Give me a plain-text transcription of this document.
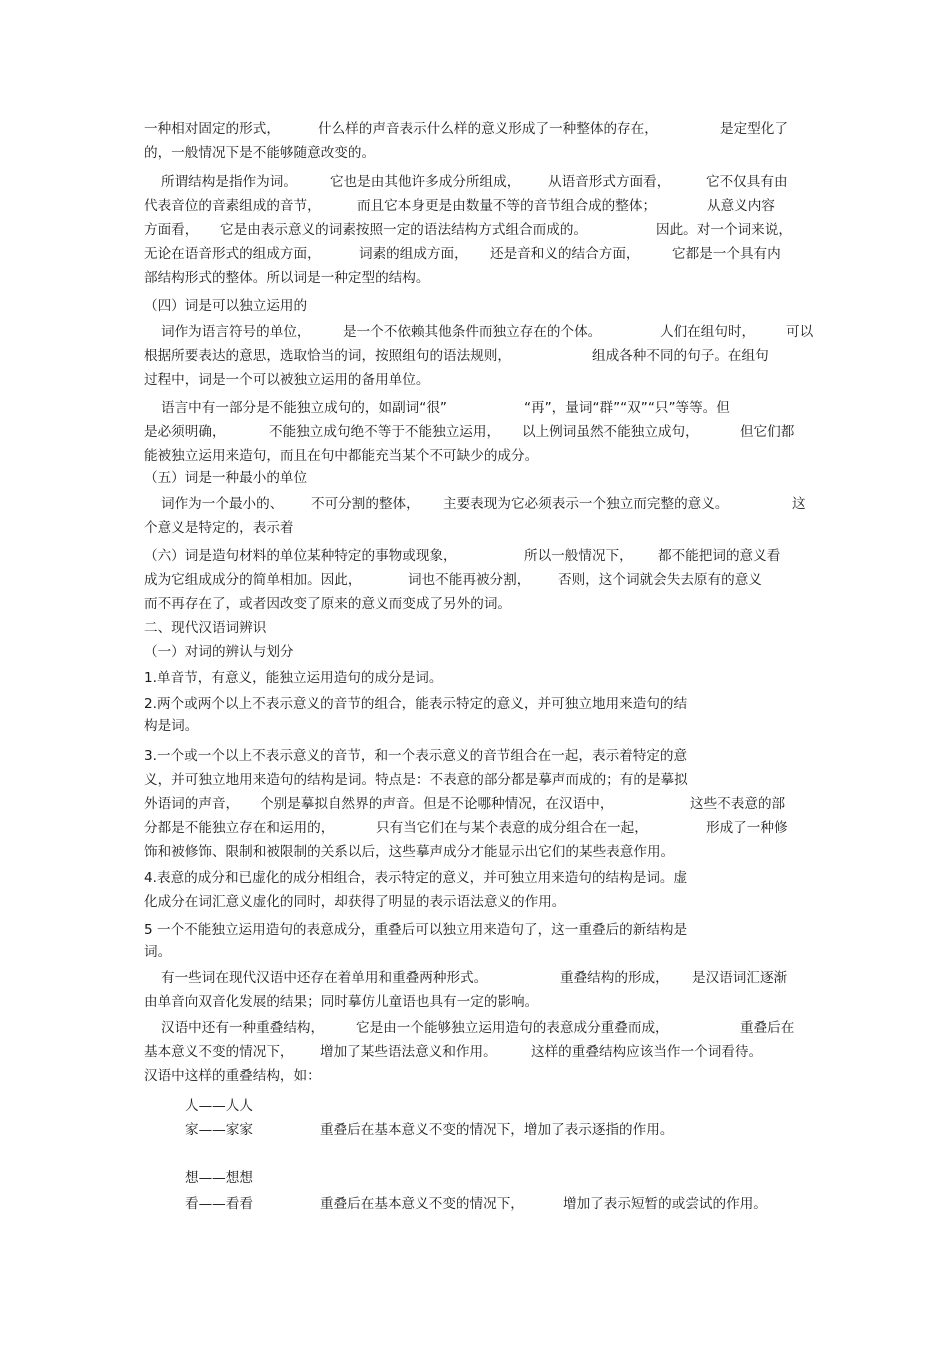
一种相对固定的形式，	什么样的声音表示什么样的意义形成了一种整体的存在，	是定型化了
的，一般情况下是不能够随意改变的。
所谓结构是指作为词。 它也是由其他许多成分所组成， 从语音形式方面看，	它不仅具有由
代表音位的音素组成的音节，	而且它本身更是由数量不等的音节组合成的整体；	从意义内容
方面看， 它是由表示意义的词素按照一定的语法结构方式组合而成的。	因此。对一个词来说，
无论在语音形式的组成方面，	词素的组成方面， 还是音和义的结合方面， 它都是一个具有内
部结构形式的整体。所以词是一种定型的结构。
（四）词是可以独立运用的
词作为语言符号的单位， 是一个不依赖其他条件而独立存在的个体。	人们在组句时， 可以
根据所要表达的意思，选取恰当的词，按照组句的语法规则，	组成各种不同的句子。在组句
过程中，词是一个可以被独立运用的备用单位。
语言中有一部分是不能独立成句的，如副词“很”	“再”，量词“群”“双”“只”等等。但
是必须明确，	不能独立成句绝不等于不能独立运用， 以上例词虽然不能独立成句，	但它们都
能被独立运用来造句，而且在句中都能充当某个不可缺少的成分。
（五）词是一种最小的单位
词作为一个最小的、 不可分割的整体， 主要表现为它必须表示一个独立而完整的意义。	这
个意义是特定的，表示着
（六）词是造句材料的单位某种特定的事物或现象，	所以一般情况下， 都不能把词的意义看
成为它组成成分的简单相加。因此，	词也不能再被分割， 否则，这个词就会失去原有的意义
而不再存在了，或者因改变了原来的意义而变成了另外的词。
二、现代汉语词辨识
（一）对词的辨认与划分
1.单音节，有意义，能独立运用造句的成分是词。
2.两个或两个以上不表示意义的音节的组合，能表示特定的意义，并可独立地用来造句的结
构是词。
3.一个或一个以上不表示意义的音节，和一个表示意义的音节组合在一起，表示着特定的意
义，并可独立地用来造句的结构是词。特点是：不表意的部分都是摹声而成的；有的是摹拟
外语词的声音， 个别是摹拟自然界的声音。但是不论哪种情况，在汉语中，	这些不表意的部
分都是不能独立存在和运用的，	只有当它们在与某个表意的成分组合在一起，	形成了一种修
饰和被修饰、限制和被限制的关系以后，这些摹声成分才能显示出它们的某些表意作用。
4.表意的成分和已虚化的成分相组合，表示特定的意义，并可独立用来造句的结构是词。虚
化成分在词汇意义虚化的同时，却获得了明显的表示语法意义的作用。
5 一个不能独立运用造句的表意成分，重叠后可以独立用来造句了，这一重叠后的新结构是
词。
有一些词在现代汉语中还存在着单用和重叠两种形式。	重叠结构的形成， 是汉语词汇逐渐
由单音向双音化发展的结果；同时摹仿儿童语也具有一定的影响。
汉语中还有一种重叠结构， 它是由一个能够独立运用造句的表意成分重叠而成，	重叠后在
基本意义不变的情况下， 增加了某些语法意义和作用。	这样的重叠结构应该当作一个词看待。
汉语中这样的重叠结构，如：
人——人人
家——家家	重叠后在基本意义不变的情况下，增加了表示逐指的作用。
想——想想
看——看看	重叠后在基本意义不变的情况下，	增加了表示短暂的或尝试的作用。
